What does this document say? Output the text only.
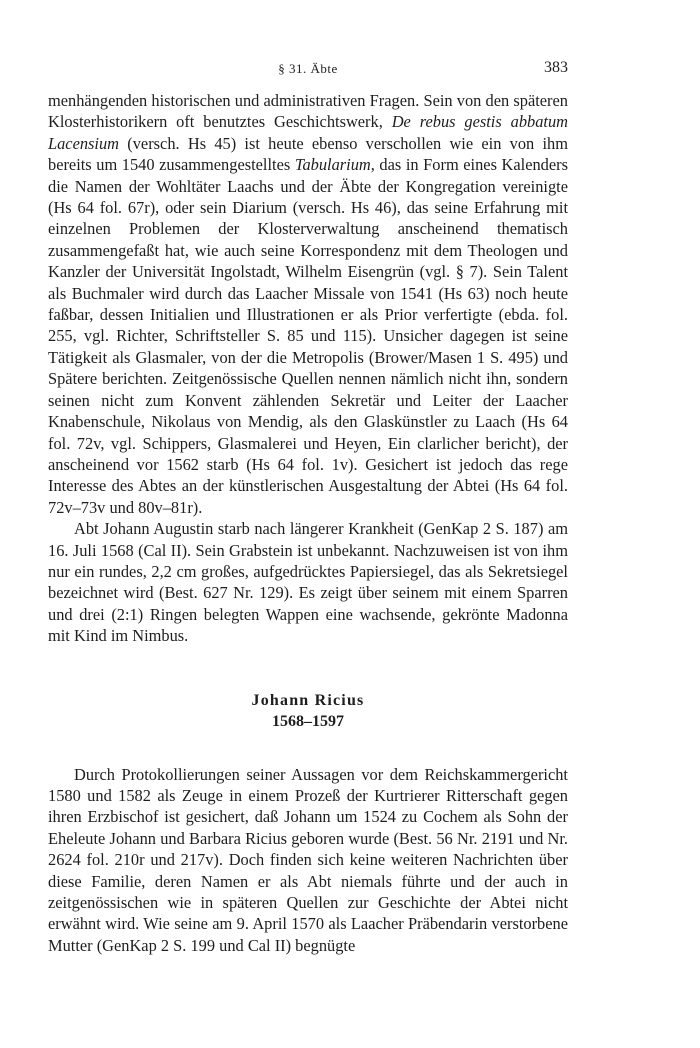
§ 31. Äbte	383

menhängenden historischen und administrativen Fragen. Sein von den späteren Klosterhistorikern oft benutztes Geschichtswerk, De rebus gestis abbatum Lacensium (versch. Hs 45) ist heute ebenso verschollen wie ein von ihm bereits um 1540 zusammengestelltes Tabularium, das in Form eines Kalenders die Namen der Wohltäter Laachs und der Äbte der Kongregation vereinigte (Hs 64 fol. 67r), oder sein Diarium (versch. Hs 46), das seine Erfahrung mit einzelnen Problemen der Klosterverwaltung anscheinend thematisch zusammengefaßt hat, wie auch seine Korrespondenz mit dem Theologen und Kanzler der Universität Ingolstadt, Wilhelm Eisengrün (vgl. § 7). Sein Talent als Buchmaler wird durch das Laacher Missale von 1541 (Hs 63) noch heute faßbar, dessen Initialien und Illustrationen er als Prior verfertigte (ebda. fol. 255, vgl. Richter, Schriftsteller S. 85 und 115). Unsicher dagegen ist seine Tätigkeit als Glasmaler, von der die Metropolis (Brower/Masen 1 S. 495) und Spätere berichten. Zeitgenössische Quellen nennen nämlich nicht ihn, sondern seinen nicht zum Konvent zählenden Sekretär und Leiter der Laacher Knabenschule, Nikolaus von Mendig, als den Glaskünstler zu Laach (Hs 64 fol. 72v, vgl. Schippers, Glasmalerei und Heyen, Ein clarlicher bericht), der anscheinend vor 1562 starb (Hs 64 fol. 1v). Gesichert ist jedoch das rege Interesse des Abtes an der künstlerischen Ausgestaltung der Abtei (Hs 64 fol. 72v–73v und 80v–81r).

Abt Johann Augustin starb nach längerer Krankheit (GenKap 2 S. 187) am 16. Juli 1568 (Cal II). Sein Grabstein ist unbekannt. Nachzuweisen ist von ihm nur ein rundes, 2,2 cm großes, aufgedrücktes Papiersiegel, das als Sekretsiegel bezeichnet wird (Best. 627 Nr. 129). Es zeigt über seinem mit einem Sparren und drei (2:1) Ringen belegten Wappen eine wachsende, gekrönte Madonna mit Kind im Nimbus.

Johann Ricius
1568–1597

Durch Protokollierungen seiner Aussagen vor dem Reichskammergericht 1580 und 1582 als Zeuge in einem Prozeß der Kurtrierer Ritterschaft gegen ihren Erzbischof ist gesichert, daß Johann um 1524 zu Cochem als Sohn der Eheleute Johann und Barbara Ricius geboren wurde (Best. 56 Nr. 2191 und Nr. 2624 fol. 210r und 217v). Doch finden sich keine weiteren Nachrichten über diese Familie, deren Namen er als Abt niemals führte und der auch in zeitgenössischen wie in späteren Quellen zur Geschichte der Abtei nicht erwähnt wird. Wie seine am 9. April 1570 als Laacher Präbendarin verstorbene Mutter (GenKap 2 S. 199 und Cal II) begnügte
